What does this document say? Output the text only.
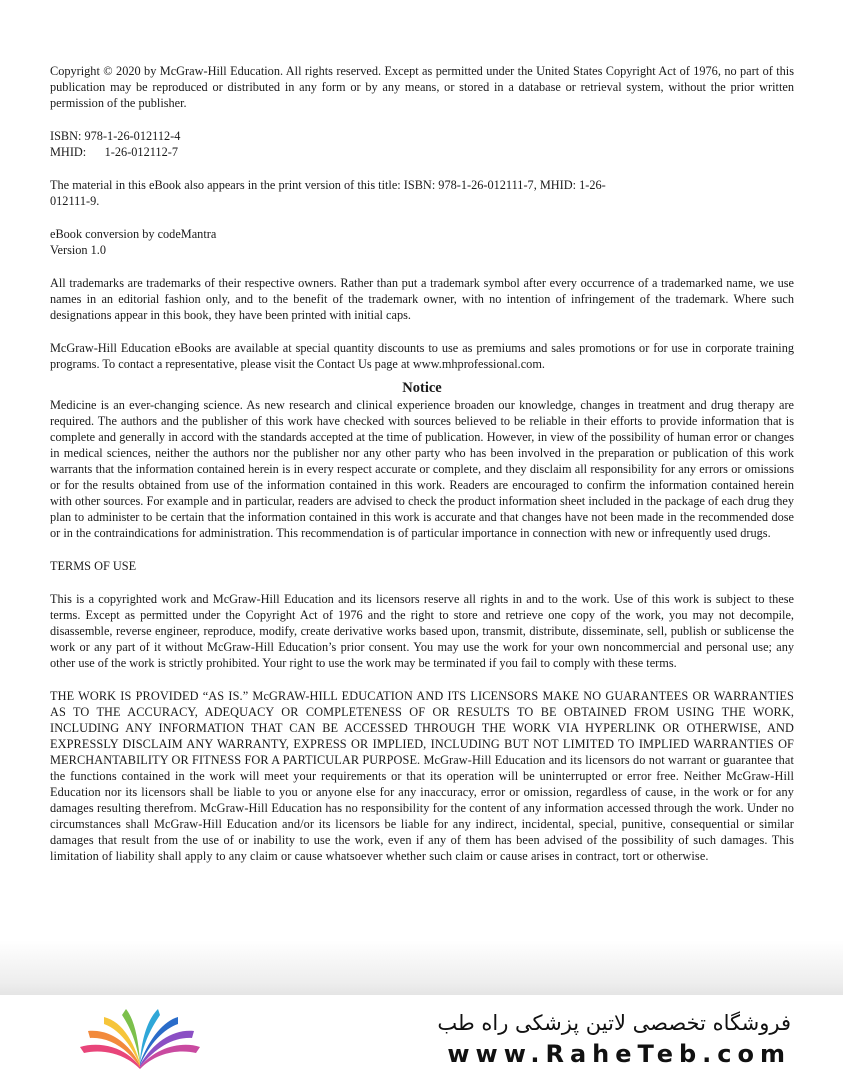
Copyright © 2020 by McGraw-Hill Education. All rights reserved. Except as permitted under the United States Copyright Act of 1976, no part of this publication may be reproduced or distributed in any form or by any means, or stored in a database or retrieval system, without the prior written permission of the publisher.

ISBN: 978-1-26-012112-4

MHID:      1-26-012112-7

The material in this eBook also appears in the print version of this title: ISBN: 978-1-26-012111-7, MHID: 1-26-012111-9.

eBook conversion by codeMantra

Version 1.0

All trademarks are trademarks of their respective owners. Rather than put a trademark symbol after every occurrence of a trademarked name, we use names in an editorial fashion only, and to the benefit of the trademark owner, with no intention of infringement of the trademark. Where such designations appear in this book, they have been printed with initial caps.

McGraw-Hill Education eBooks are available at special quantity discounts to use as premiums and sales promotions or for use in corporate training programs. To contact a representative, please visit the Contact Us page at www.mhprofessional.com.

Notice

Medicine is an ever-changing science. As new research and clinical experience broaden our knowledge, changes in treatment and drug therapy are required. The authors and the publisher of this work have checked with sources believed to be reliable in their efforts to provide information that is complete and generally in accord with the standards accepted at the time of publication. However, in view of the possibility of human error or changes in medical sciences, neither the authors nor the publisher nor any other party who has been involved in the preparation or publication of this work warrants that the information contained herein is in every respect accurate or complete, and they disclaim all responsibility for any errors or omissions or for the results obtained from use of the information contained in this work. Readers are encouraged to confirm the information contained herein with other sources. For example and in particular, readers are advised to check the product information sheet included in the package of each drug they plan to administer to be certain that the information contained in this work is accurate and that changes have not been made in the recommended dose or in the contraindications for administration. This recommendation is of particular importance in connection with new or infrequently used drugs.

TERMS OF USE

This is a copyrighted work and McGraw-Hill Education and its licensors reserve all rights in and to the work. Use of this work is subject to these terms. Except as permitted under the Copyright Act of 1976 and the right to store and retrieve one copy of the work, you may not decompile, disassemble, reverse engineer, reproduce, modify, create derivative works based upon, transmit, distribute, disseminate, sell, publish or sublicense the work or any part of it without McGraw-Hill Education’s prior consent. You may use the work for your own noncommercial and personal use; any other use of the work is strictly prohibited. Your right to use the work may be terminated if you fail to comply with these terms.

THE WORK IS PROVIDED “AS IS.” McGRAW-HILL EDUCATION AND ITS LICENSORS MAKE NO GUARANTEES OR WARRANTIES AS TO THE ACCURACY, ADEQUACY OR COMPLETENESS OF OR RESULTS TO BE OBTAINED FROM USING THE WORK, INCLUDING ANY INFORMATION THAT CAN BE ACCESSED THROUGH THE WORK VIA HYPERLINK OR OTHERWISE, AND EXPRESSLY DISCLAIM ANY WARRANTY, EXPRESS OR IMPLIED, INCLUDING BUT NOT LIMITED TO IMPLIED WARRANTIES OF MERCHANTABILITY OR FITNESS FOR A PARTICULAR PURPOSE. McGraw-Hill Education and its licensors do not warrant or guarantee that the functions contained in the work will meet your requirements or that its operation will be uninterrupted or error free. Neither McGraw-Hill Education nor its licensors shall be liable to you or anyone else for any inaccuracy, error or omission, regardless of cause, in the work or for any damages resulting therefrom. McGraw-Hill Education has no responsibility for the content of any information accessed through the work. Under no circumstances shall McGraw-Hill Education and/or its licensors be liable for any indirect, incidental, special, punitive, consequential or similar damages that result from the use of or inability to use the work, even if any of them has been advised of the possibility of such damages. This limitation of liability shall apply to any claim or cause whatsoever whether such claim or cause arises in contract, tort or otherwise.

فروشگاه تخصصی لاتین پزشکی راه طب
www.RaheTeb.com
